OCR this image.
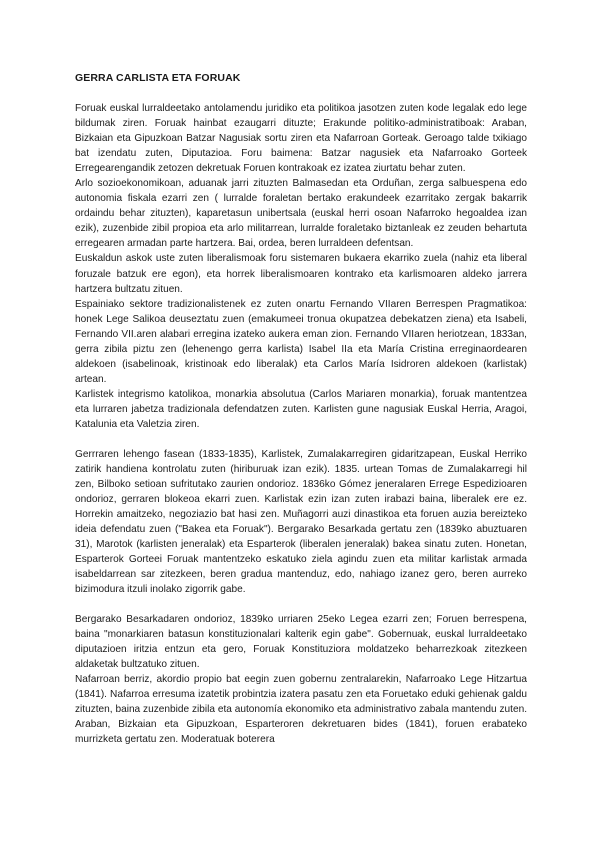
GERRA CARLISTA ETA FORUAK

Foruak euskal lurraldeetako antolamendu juridiko eta politikoa jasotzen zuten kode legalak edo lege bildumak ziren. Foruak hainbat ezaugarri dituzte; Erakunde politiko-administratiboak: Araban, Bizkaian eta Gipuzkoan Batzar Nagusiak sortu ziren eta Nafarroan Gorteak. Geroago talde txikiago bat izendatu zuten, Diputazioa. Foru baimena: Batzar nagusiek eta Nafarroako Gorteek Erregearengandik zetozen dekretuak Foruen kontrakoak ez izatea ziurtatu behar zuten.

Arlo sozioekonomikoan, aduanak jarri zituzten Balmasedan eta Orduñan, zerga salbuespena edo autonomia fiskala ezarri zen ( lurralde foraletan bertako erakundeek ezarritako zergak bakarrik ordaindu behar zituzten), kaparetasun unibertsala (euskal herri osoan Nafarroko hegoaldea izan ezik), zuzenbide zibil propioa eta arlo militarrean, lurralde foraletako biztanleak ez zeuden behartuta erregearen armadan parte hartzera. Bai, ordea, beren lurraldeen defentsan.

Euskaldun askok uste zuten liberalismoak foru sistemaren bukaera ekarriko zuela (nahiz eta liberal foruzale batzuk ere egon), eta horrek liberalismoaren kontrako eta karlismoaren aldeko jarrera hartzera bultzatu zituen.

Espainiako sektore tradizionalistenek ez zuten onartu Fernando VIIaren Berrespen Pragmatikoa: honek Lege Salikoa deuseztatu zuen (emakumeei tronua okupatzea debekatzen ziena) eta Isabeli, Fernando VII.aren alabari erregina izateko aukera eman zion. Fernando VIIaren heriotzean, 1833an, gerra zibila piztu zen (lehenengo gerra karlista) Isabel IIa eta María Cristina erreginaordearen aldekoen (isabelinoak, kristinoak edo liberalak) eta Carlos María Isidroren aldekoen (karlistak) artean.

Karlistek integrismo katolikoa, monarkia absolutua (Carlos Mariaren monarkia), foruak mantentzea eta lurraren jabetza tradizionala defendatzen zuten. Karlisten gune nagusiak Euskal Herria, Aragoi, Katalunia eta Valetzia ziren.

Gerrraren lehengo fasean (1833-1835), Karlistek, Zumalakarregiren gidaritzapean, Euskal Herriko zatirik handiena kontrolatu zuten (hiriburuak izan ezik). 1835. urtean Tomas de Zumalakarregi hil zen, Bilboko setioan sufritutako zaurien ondorioz. 1836ko Gómez jeneralaren Erregе Espedizioaren ondorioz, gerraren blokeoa ekarri zuen. Karlistak ezin izan zuten irabazi baina, liberalek ere ez. Horrekin amaitzeko, negoziazio bat hasi zen. Muñagorri auzi dinastikoa eta foruen auzia bereizteko ideia defendatu zuen ("Bakea eta Foruak"). Bergarako Besarkada gertatu zen (1839ko abuztuaren 31), Marotok (karlisten jeneralak) eta Esparterok (liberalen jeneralak) bakea sinatu zuten. Honetan, Esparterok Gorteei Foruak mantentzeko eskatuko ziela agindu zuen eta militar karlistak armada isabeldarrean sar zitezkeen, beren gradua mantenduz, edo, nahiago izanez gero, beren aurreko bizimodura itzuli inolako zigorrik gabe.

Bergarako Besarkadaren ondorioz, 1839ko urriaren 25eko Legea ezarri zen; Foruen berrespena, baina "monarkiaren batasun konstituzionalari kalterik egin gabe". Gobernuak, euskal lurraldeetako diputazioen iritzia entzun eta gero, Foruak Konstituziora moldatzeko beharrezkoak zitezkeen aldaketak bultzatuko zituen.

Nafarroan berriz, akordio propio bat eegin zuen gobernu zentralarekin, Nafarroako Lege Hitzartua (1841). Nafarroa erresuma izatetik probintzia izatera pasatu zen eta Foruetako eduki gehienak galdu zituzten, baina zuzenbide zibila eta autonomía ekonomiko eta administrativo zabala mantendu zuten. Araban, Bizkaian eta Gipuzkoan, Esparteroren dekretuaren bides (1841), foruen erabateko murrizketa gertatu zen. Moderatuak boterera
